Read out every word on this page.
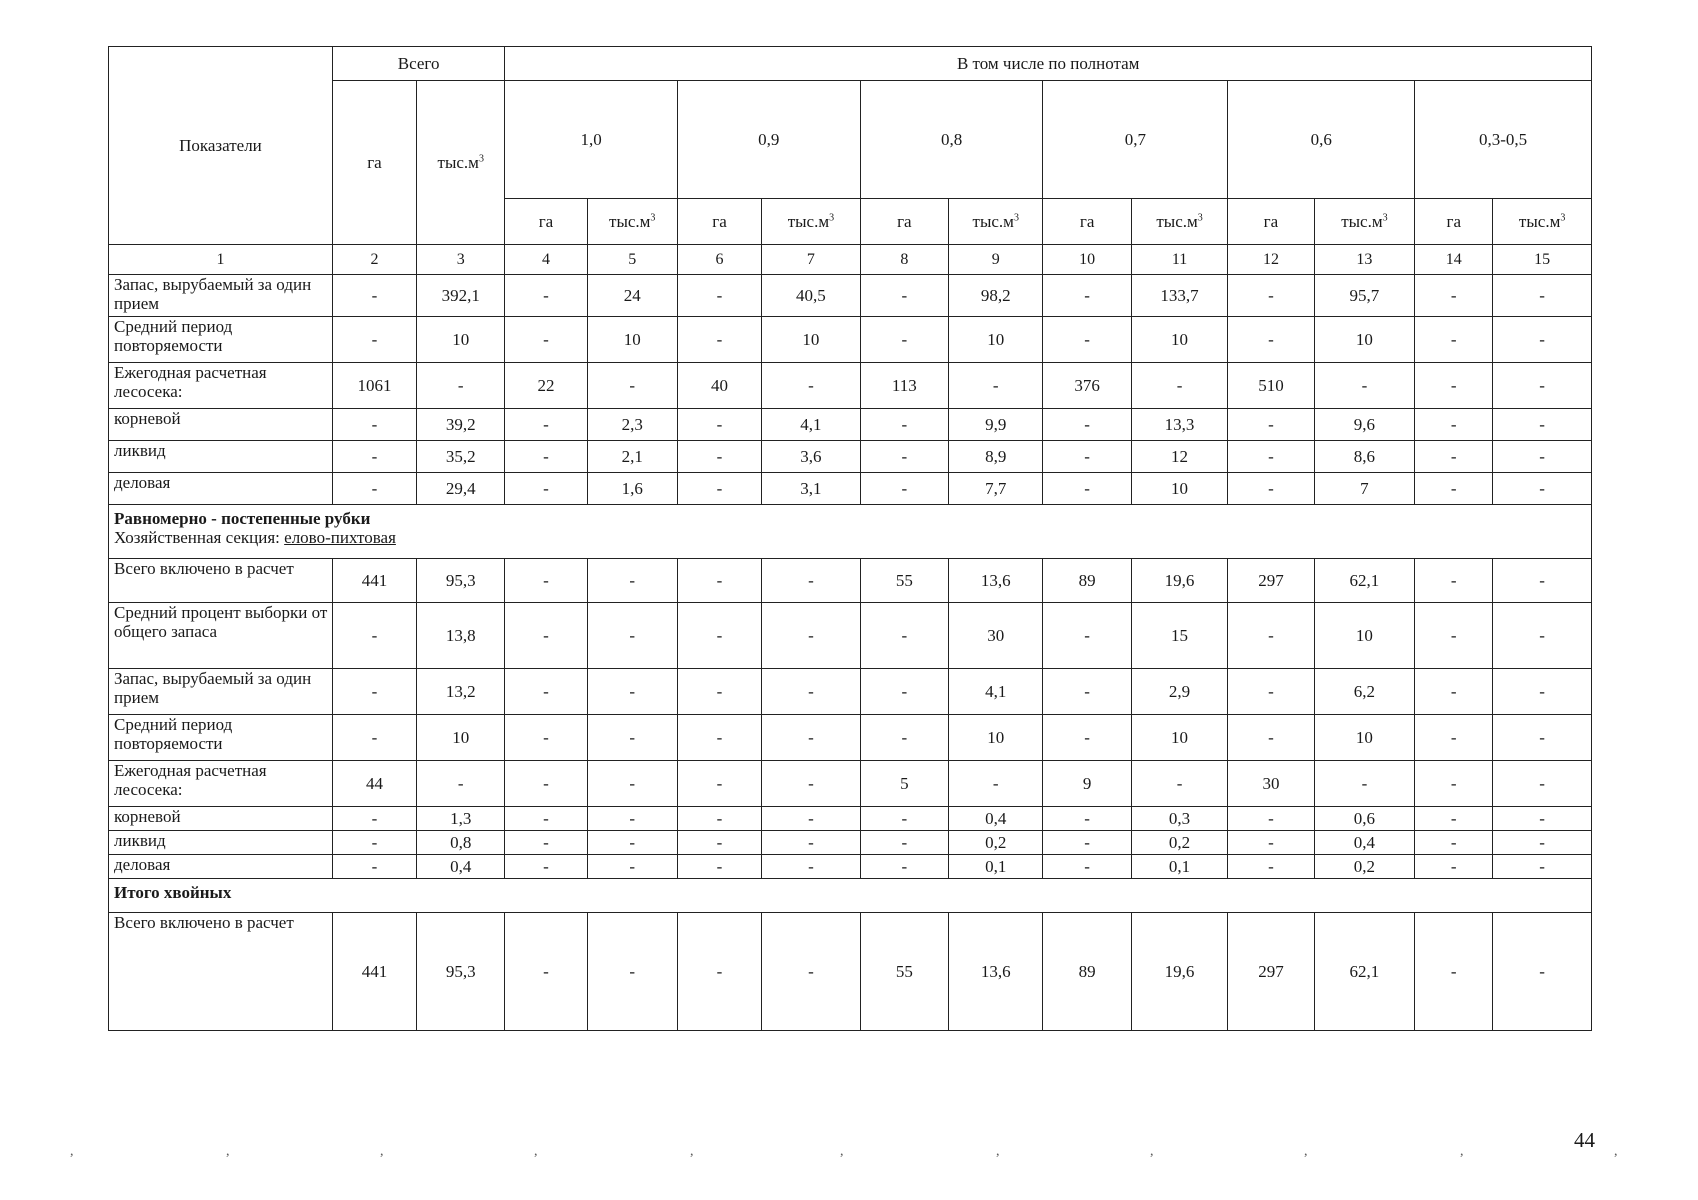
Показатели	Всего		В том числе по полнотам											
	га	$тыс.м^3$	1,0		0,9		0,8		0,7		0,6		0,3-0,5	
			га	$тыс.м^3$	га	$тыс.м^3$	га	$тыс.м^3$	га	$тыс.м^3$	га	$тыс.м^3$	га	$тыс.м^3$
1	2	3	4	5	6	7	8	9	10	11	12	13	14	15
Запас, вырубаемый за один прием	-	392,1	-	24	-	40,5	-	98,2	-	133,7	-	95,7	-	-
Средний период повторяемости	-	10	-	10	-	10	-	10	-	10	-	10	-	-
Ежегодная расчетная лесосека:	1061	-	22	-	40	-	113	-	376	-	510	-	-	-
корневой	-	39,2	-	2,3	-	4,1	-	9,9	-	13,3	-	9,6	-	-
ликвид	-	35,2	-	2,1	-	3,6	-	8,9	-	12	-	8,6	-	-
деловая	-	29,4	-	1,6	-	3,1	-	7,7	-	10	-	7	-	-

Равномерно - постепенные рубки
Хозяйственная секция: елово-пихтовая														

Всего включено в расчет	441	95,3	-	-	-	-	55	13,6	89	19,6	297	62,1	-	-
Средний процент выборки от общего запаса	-	13,8	-	-	-	-	-	30	-	15	-	10	-	-
Запас, вырубаемый за один прием	-	13,2	-	-	-	-	-	4,1	-	2,9	-	6,2	-	-
Средний период повторяемости	-	10	-	-	-	-	-	10	-	10	-	10	-	-
Ежегодная расчетная лесосека:	44	-	-	-	-	-	5	-	9	-	30	-	-	-
корневой	-	1,3	-	-	-	-	-	0,4	-	0,3	-	0,6	-	-
ликвид	-	0,8	-	-	-	-	-	0,2	-	0,2	-	0,4	-	-
деловая	-	0,4	-	-	-	-	-	0,1	-	0,1	-	0,2	-	-

Итого хвойных														

Всего включено в расчет	441	95,3	-	-	-	-	55	13,6	89	19,6	297	62,1	-	-
44
,	,	,	,	,	,	,	,	,	,	,
